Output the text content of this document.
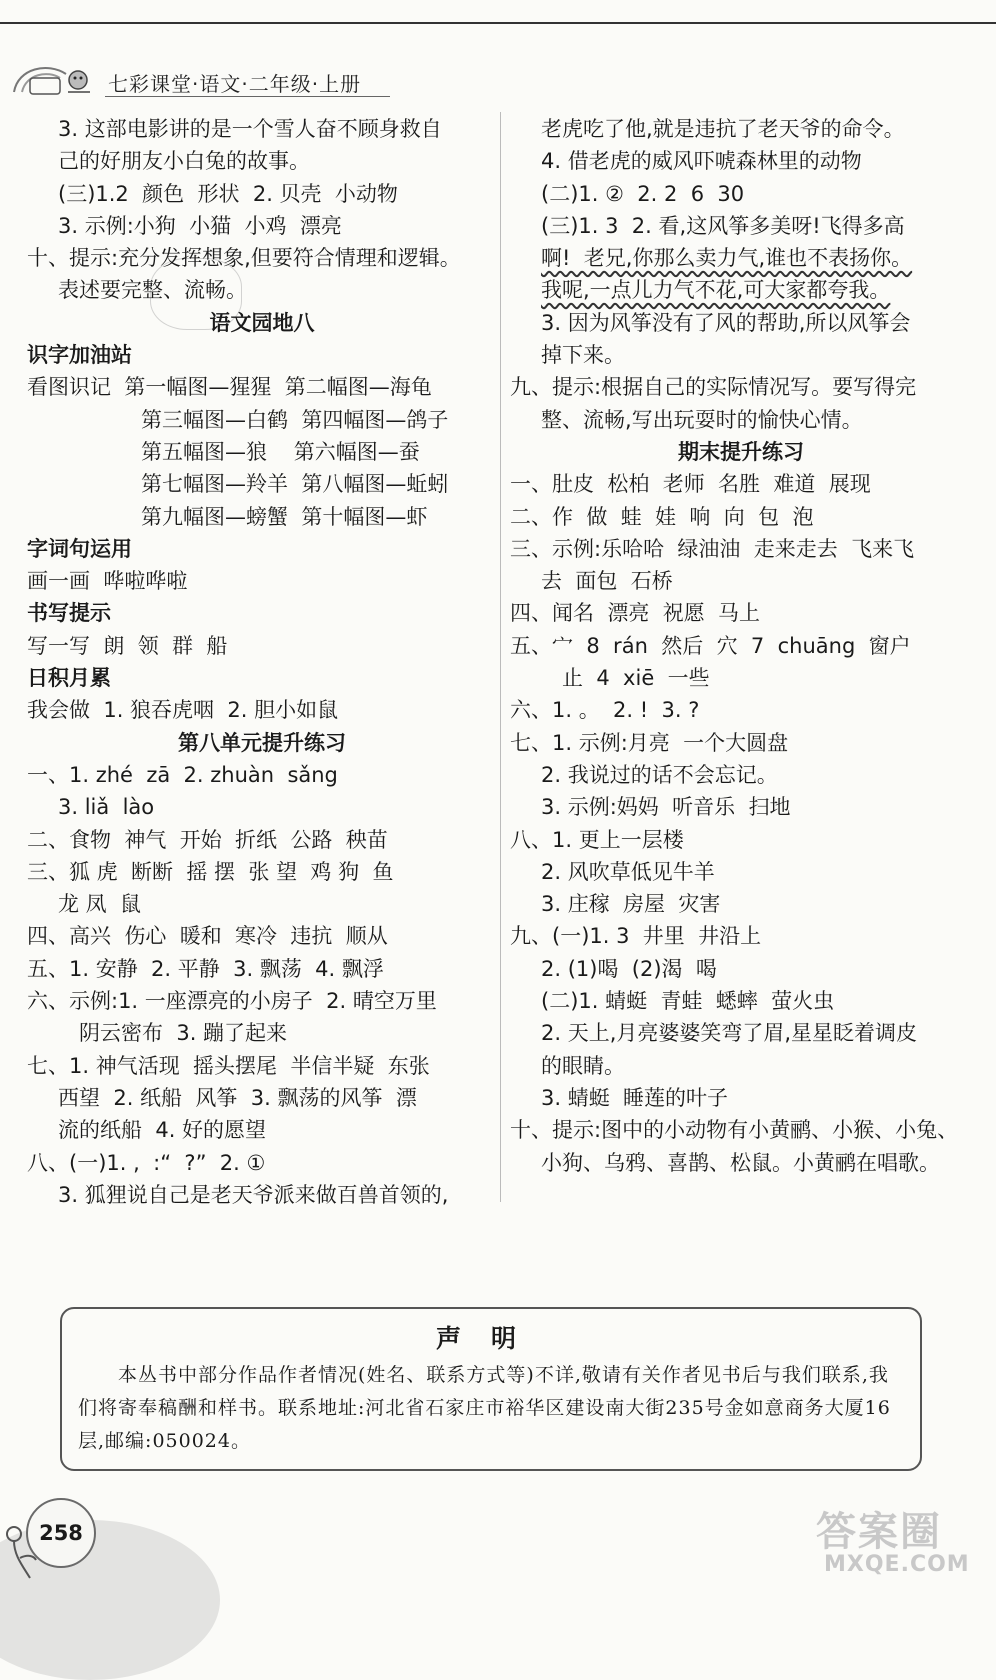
七彩课堂·语文·二年级·上册
3. 这部电影讲的是一个雪人奋不顾身救自
己的好朋友小白兔的故事。
(三)1.2  颜色  形状  2. 贝壳  小动物
3. 示例:小狗  小猫  小鸡  漂亮
十、提示:充分发挥想象,但要符合情理和逻辑。
表述要完整、流畅。
语文园地八
识字加油站
看图识记  第一幅图—猩猩  第二幅图—海龟
第三幅图—白鹤  第四幅图—鸽子
第五幅图—狼    第六幅图—蚕
第七幅图—羚羊  第八幅图—蚯蚓
第九幅图—螃蟹  第十幅图—虾
字词句运用
画一画  哗啦哗啦
书写提示
写一写  朗  领  群  船
日积月累
我会做  1. 狼吞虎咽  2. 胆小如鼠
第八单元提升练习
一、1. zhé  zā  2. zhuàn  sǎng
3. liǎ  lào
二、食物  神气  开始  折纸  公路  秧苗
三、狐 虎  断断  摇 摆  张 望  鸡 狗  鱼
龙 凤  鼠
四、高兴  伤心  暖和  寒冷  违抗  顺从
五、1. 安静  2. 平静  3. 飘荡  4. 飘浮
六、示例:1. 一座漂亮的小房子  2. 晴空万里
阴云密布  3. 蹦了起来
七、1. 神气活现  摇头摆尾  半信半疑  东张
西望  2. 纸船  风筝  3. 飘荡的风筝  漂
流的纸船  4. 好的愿望
八、(一)1. ,  :“  ?”  2. ①
3. 狐狸说自己是老天爷派来做百兽首领的,
老虎吃了他,就是违抗了老天爷的命令。
4. 借老虎的威风吓唬森林里的动物
(二)1. ②  2. 2  6  30
(三)1. 3  2. 看,这风筝多美呀!飞得多高
啊!  老兄,你那么卖力气,谁也不表扬你。
我呢,一点儿力气不花,可大家都夸我。
3. 因为风筝没有了风的帮助,所以风筝会
掉下来。
九、提示:根据自己的实际情况写。要写得完
整、流畅,写出玩耍时的愉快心情。
期末提升练习
一、肚皮  松柏  老师  名胜  难道  展现
二、作  做  蛙  娃  响  向  包  泡
三、示例:乐哈哈  绿油油  走来走去  飞来飞
去  面包  石桥
四、闻名  漂亮  祝愿  马上
五、宀  8  rán  然后  穴  7  chuāng  窗户
止  4  xiē  一些
六、1. 。  2. !  3. ?
七、1. 示例:月亮  一个大圆盘
2. 我说过的话不会忘记。
3. 示例:妈妈  听音乐  扫地
八、1. 更上一层楼
2. 风吹草低见牛羊
3. 庄稼  房屋  灾害
九、(一)1. 3  井里  井沿上
2. (1)喝  (2)渴  喝
(二)1. 蜻蜓  青蛙  蟋蟀  萤火虫
2. 天上,月亮婆婆笑弯了眉,星星眨着调皮
的眼睛。
3. 蜻蜓  睡莲的叶子
十、提示:图中的小动物有小黄鹂、小猴、小兔、
小狗、乌鸦、喜鹊、松鼠。小黄鹂在唱歌。
声明
本丛书中部分作品作者情况(姓名、联系方式等)不详,敬请有关作者见书后与我们联系,我们将寄奉稿酬和样书。联系地址:河北省石家庄市裕华区建设南大街235号金如意商务大厦16层,邮编:050024。
258	答案圈
MXQE.COM
